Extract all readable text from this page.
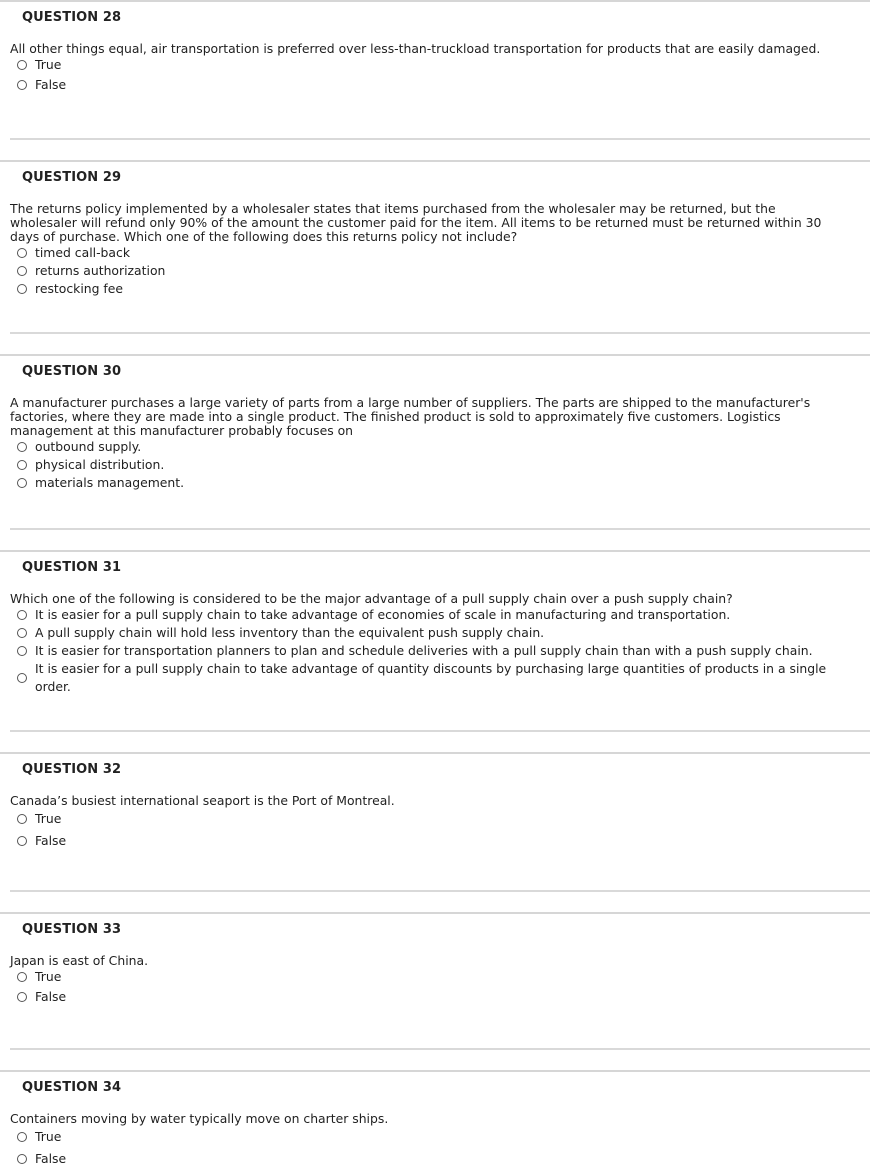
QUESTION 28

All other things equal, air transportation is preferred over less-than-truckload transportation for products that are easily damaged.

True
False
QUESTION 29

The returns policy implemented by a wholesaler states that items purchased from the wholesaler may be returned, but the wholesaler will refund only 90% of the amount the customer paid for the item. All items to be returned must be returned within 30 days of purchase. Which one of the following does this returns policy not include?

timed call-back
returns authorization
restocking fee
QUESTION 30

A manufacturer purchases a large variety of parts from a large number of suppliers. The parts are shipped to the manufacturer's factories, where they are made into a single product. The finished product is sold to approximately five customers. Logistics management at this manufacturer probably focuses on

outbound supply.
physical distribution.
materials management.
QUESTION 31

Which one of the following is considered to be the major advantage of a pull supply chain over a push supply chain?

It is easier for a pull supply chain to take advantage of economies of scale in manufacturing and transportation.
A pull supply chain will hold less inventory than the equivalent push supply chain.
It is easier for transportation planners to plan and schedule deliveries with a pull supply chain than with a push supply chain.
It is easier for a pull supply chain to take advantage of quantity discounts by purchasing large quantities of products in a single order.
QUESTION 32

Canada’s busiest international seaport is the Port of Montreal.

True
False
QUESTION 33

Japan is east of China.

True
False
QUESTION 34

Containers moving by water typically move on charter ships.

True
False
